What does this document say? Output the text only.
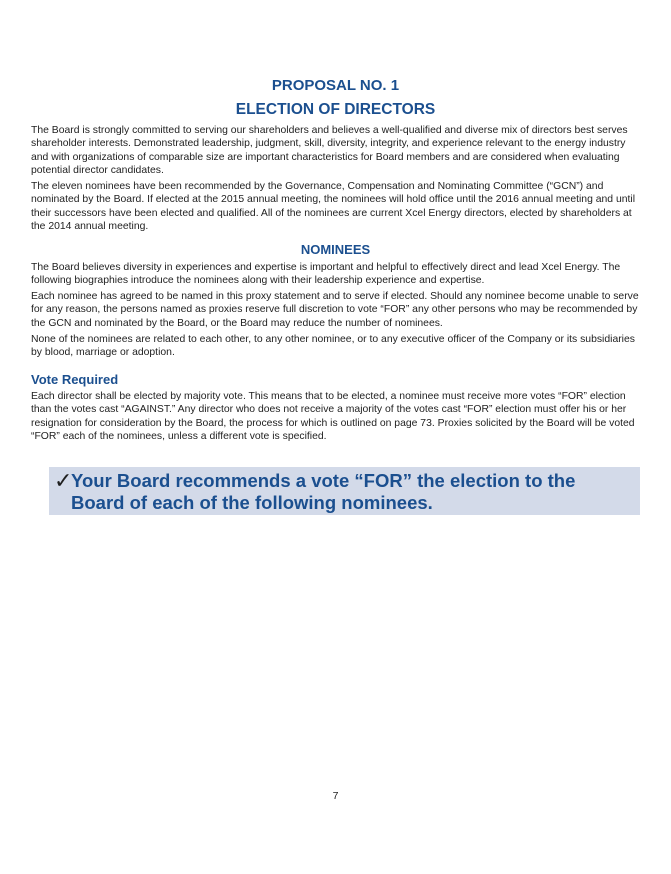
PROPOSAL NO. 1
ELECTION OF DIRECTORS

The Board is strongly committed to serving our shareholders and believes a well-qualified and diverse mix of directors best serves shareholder interests. Demonstrated leadership, judgment, skill, diversity, integrity, and experience relevant to the energy industry and with organizations of comparable size are important characteristics for Board members and are considered when evaluating potential director candidates.

The eleven nominees have been recommended by the Governance, Compensation and Nominating Committee (“GCN”) and nominated by the Board. If elected at the 2015 annual meeting, the nominees will hold office until the 2016 annual meeting and until their successors have been elected and qualified. All of the nominees are current Xcel Energy directors, elected by shareholders at the 2014 annual meeting.

NOMINEES

The Board believes diversity in experiences and expertise is important and helpful to effectively direct and lead Xcel Energy. The following biographies introduce the nominees along with their leadership experience and expertise.

Each nominee has agreed to be named in this proxy statement and to serve if elected. Should any nominee become unable to serve for any reason, the persons named as proxies reserve full discretion to vote “FOR” any other persons who may be recommended by the GCN and nominated by the Board, or the Board may reduce the number of nominees.

None of the nominees are related to each other, to any other nominee, or to any executive officer of the Company or its subsidiaries by blood, marriage or adoption.

Vote Required

Each director shall be elected by majority vote. This means that to be elected, a nominee must receive more votes “FOR” election than the votes cast “AGAINST.” Any director who does not receive a majority of the votes cast “FOR” election must offer his or her resignation for consideration by the Board, the process for which is outlined on page 73. Proxies solicited by the Board will be voted “FOR” each of the nominees, unless a different vote is specified.

✓

Your Board recommends a vote “FOR” the election to the Board of each of the following nominees.

7
